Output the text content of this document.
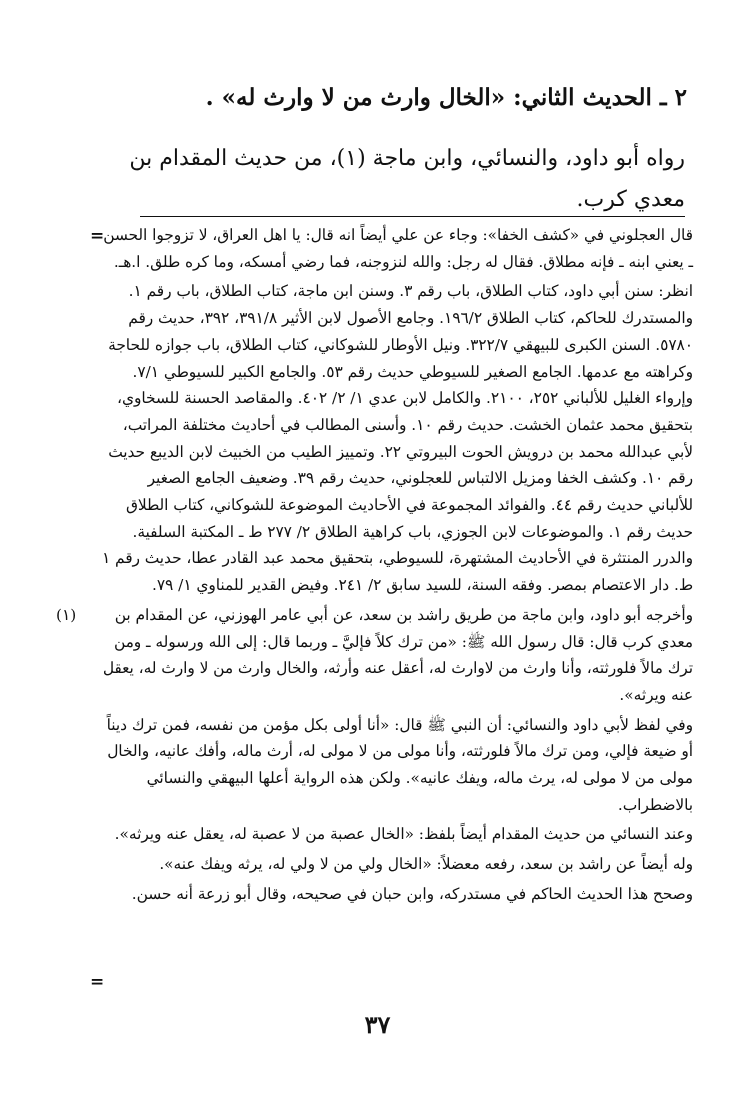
٢ ـ الحديث الثاني: «الخال وارث من لا وارث له» .
رواه أبو داود، والنسائي، وابن ماجة (١)، من حديث المقدام بن معدي كرب.
=

قال العجلوني في «كشف الخفا»: وجاء عن علي أيضاً انه قال: يا اهل العراق، لا تزوجوا الحسن ـ يعني ابنه ـ فإنه مطلاق. فقال له رجل: والله لنزوجنه، فما رضي أمسكه، وما كره طلق. ا.هـ.

انظر: سنن أبي داود، كتاب الطلاق، باب رقم ٣. وسنن ابن ماجة، كتاب الطلاق، باب رقم ١. والمستدرك للحاكم، كتاب الطلاق ١٩٦/٢. وجامع الأصول لابن الأثير ٣٩١/٨، ٣٩٢، حديث رقم ٥٧٨٠. السنن الكبرى للبيهقي ٣٢٢/٧. ونيل الأوطار للشوكاني، كتاب الطلاق، باب جوازه للحاجة وكراهته مع عدمها. الجامع الصغير للسيوطي حديث رقم ٥٣. والجامع الكبير للسيوطي ٧/١. وإرواء الغليل للألباني ٢٥٢، ٢١٠٠. والكامل لابن عدي ١/ ٢/ ٤٠٢. والمقاصد الحسنة للسخاوي، بتحقيق محمد عثمان الخشت. حديث رقم ١٠. وأسنى المطالب في أحاديث مختلفة المراتب، لأبي عبدالله محمد بن درويش الحوت البيروتي ٢٢. وتمييز الطيب من الخبيث لابن الديبع حديث رقم ١٠. وكشف الخفا ومزيل الالتباس للعجلوني، حديث رقم ٣٩. وضعيف الجامع الصغير للألباني حديث رقم ٤٤. والفوائد المجموعة في الأحاديث الموضوعة للشوكاني، كتاب الطلاق حديث رقم ١. والموضوعات لابن الجوزي، باب كراهية الطلاق ٢/ ٢٧٧ ط ـ المكتبة السلفية. والدرر المنتثرة في الأحاديث المشتهرة، للسيوطي، بتحقيق محمد عبد القادر عطا، حديث رقم ١ ط. دار الاعتصام بمصر. وفقه السنة، للسيد سابق ٢/ ٢٤١. وفيض القدير للمناوي ١/ ٧٩.

(١)	وأخرجه أبو داود، وابن ماجة من طريق راشد بن سعد، عن أبي عامر الهوزني، عن المقدام بن معدي كرب قال: قال رسول الله ﷺ: «من ترك كلاً فإليَّ ـ وربما قال: إلى الله ورسوله ـ ومن ترك مالاً فلورثته، وأنا وارث من لاوارث له، أعقل عنه وأرثه، والخال وارث من لا وارث له، يعقل عنه ويرثه».

وفي لفظ لأبي داود والنسائي: أن النبي ﷺ قال: «أنا أولى بكل مؤمن من نفسه، فمن ترك ديناً أو ضيعة فإلي، ومن ترك مالاً فلورثته، وأنا مولى من لا مولى له، أرث ماله، وأفك عانيه، والخال مولى من لا مولى له، يرث ماله، ويفك عانيه». ولكن هذه الرواية أعلها البيهقي والنسائي بالاضطراب.

وعند النسائي من حديث المقدام أيضاً بلفظ: «الخال عصبة من لا عصبة له، يعقل عنه ويرثه».

وله أيضاً عن راشد بن سعد، رفعه معضلاً: «الخال ولي من لا ولي له، يرثه ويفك عنه».

وصحح هذا الحديث الحاكم في مستدركه، وابن حبان في صحيحه، وقال أبو زرعة أنه حسن.

=
٣٧
